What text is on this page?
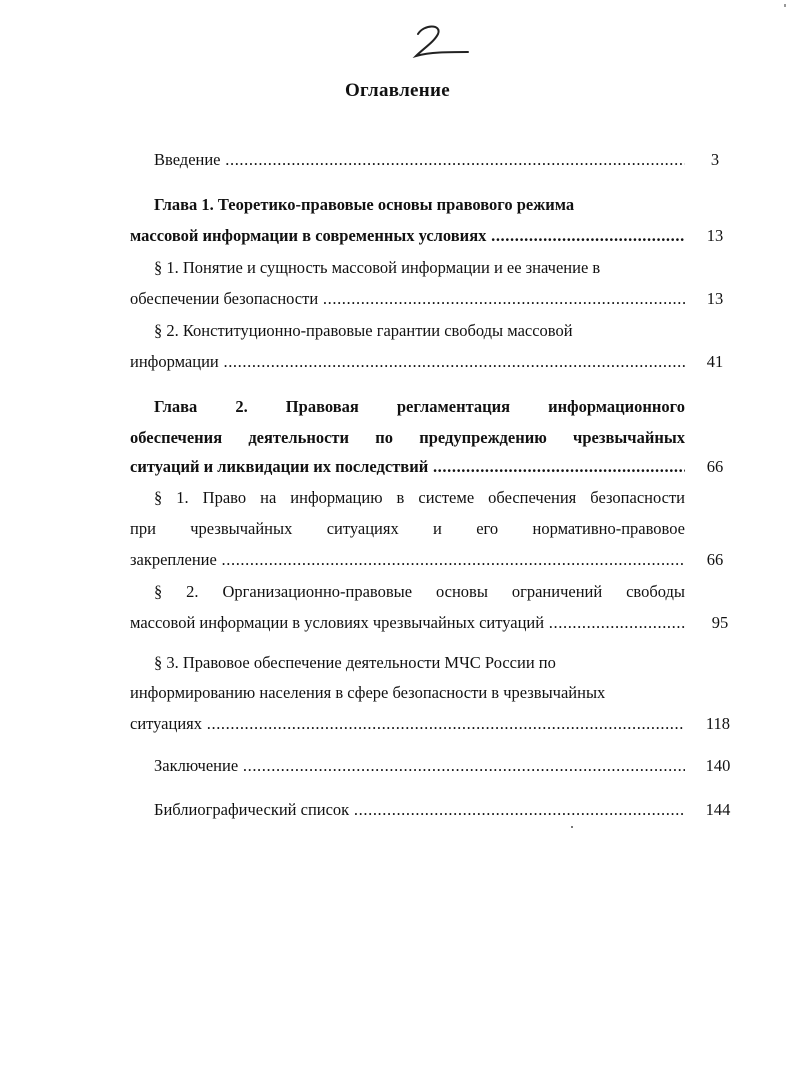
Оглавление
Введение .....	3
Глава 1. Теоретико-правовые основы правового режима
массовой информации в современных условиях .....	13
§ 1. Понятие и сущность массовой информации и ее значение в
обеспечении безопасности .....	13
§ 2. Конституционно-правовые гарантии свободы массовой
информации .....	41
Глава 2. Правовая регламентация информационного
обеспечения деятельности по предупреждению чрезвычайных
ситуаций и ликвидации их последствий .....	66
§ 1. Право на информацию в системе обеспечения безопасности
при чрезвычайных ситуациях и его нормативно-правовое
закрепление .....	66
§ 2. Организационно-правовые основы ограничений свободы
массовой информации в условиях чрезвычайных ситуаций .....	95
§ 3. Правовое обеспечение деятельности МЧС России по
информированию населения в сфере безопасности в чрезвычайных
ситуациях .....	118
Заключение .....	140
Библиографический список .....	144
